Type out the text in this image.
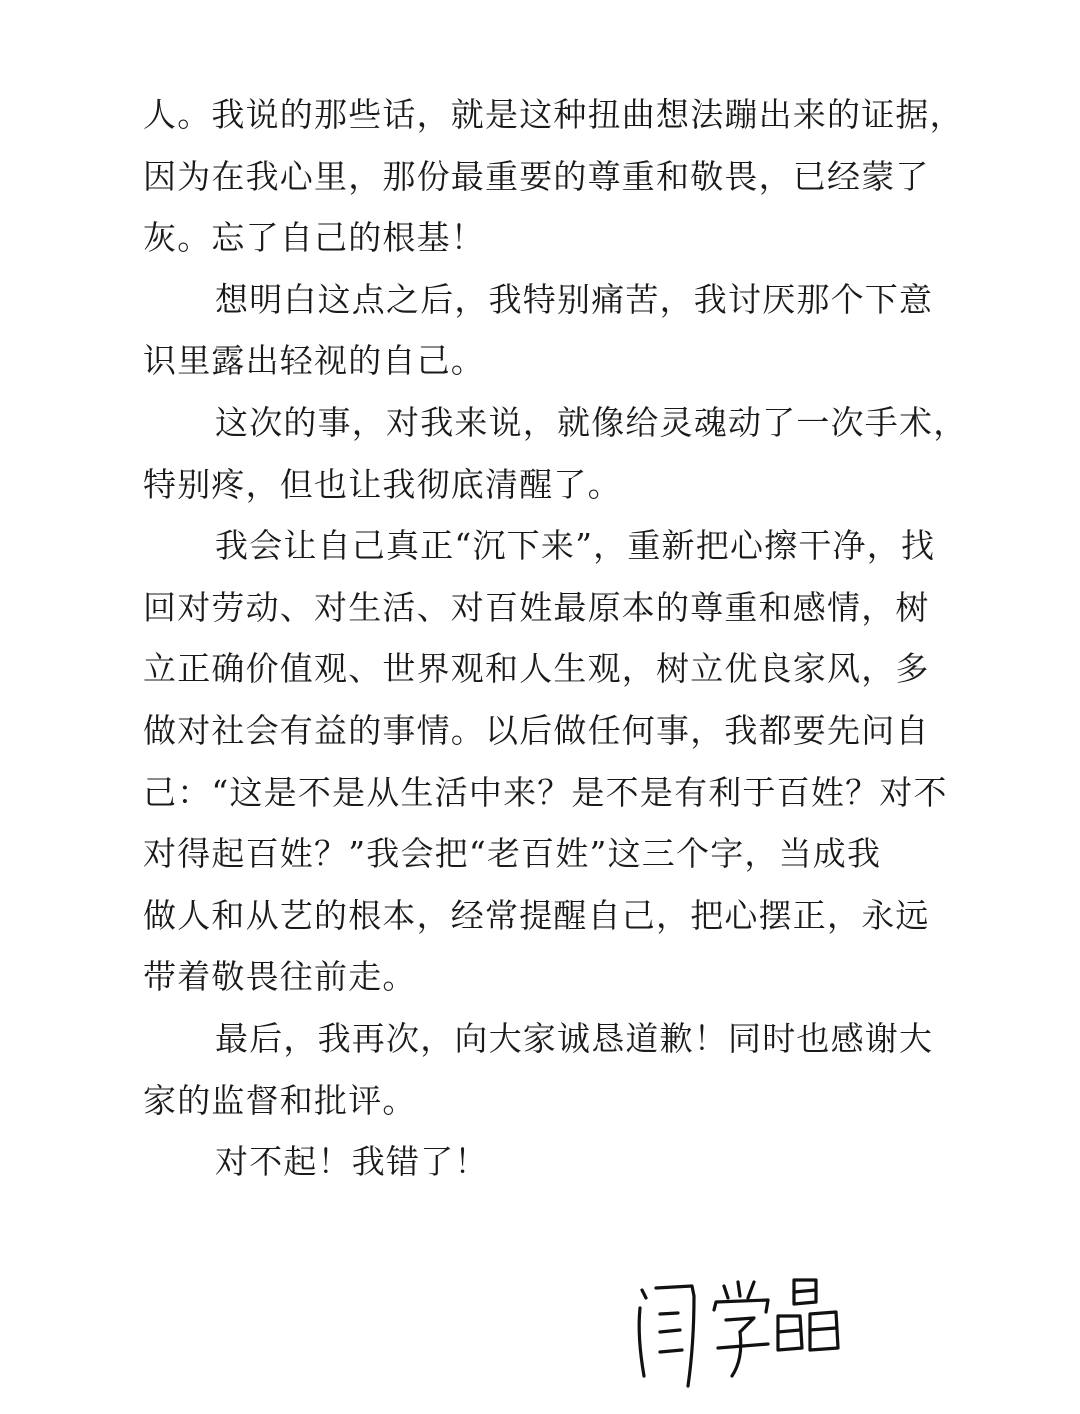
人。我说的那些话，就是这种扭曲想法蹦出来的证据，
因为在我心里，那份最重要的尊重和敬畏，已经蒙了
灰。忘了自己的根基！
想明白这点之后，我特别痛苦，我讨厌那个下意
识里露出轻视的自己。
这次的事，对我来说，就像给灵魂动了一次手术，
特别疼，但也让我彻底清醒了。
我会让自己真正“沉下来”，重新把心擦干净，找
回对劳动、对生活、对百姓最原本的尊重和感情，树
立正确价值观、世界观和人生观，树立优良家风，多
做对社会有益的事情。以后做任何事，我都要先问自
己：“这是不是从生活中来？是不是有利于百姓？对不
对得起百姓？”我会把“老百姓”这三个字，当成我
做人和从艺的根本，经常提醒自己，把心摆正，永远
带着敬畏往前走。
最后，我再次，向大家诚恳道歉！同时也感谢大
家的监督和批评。
对不起！我错了！
